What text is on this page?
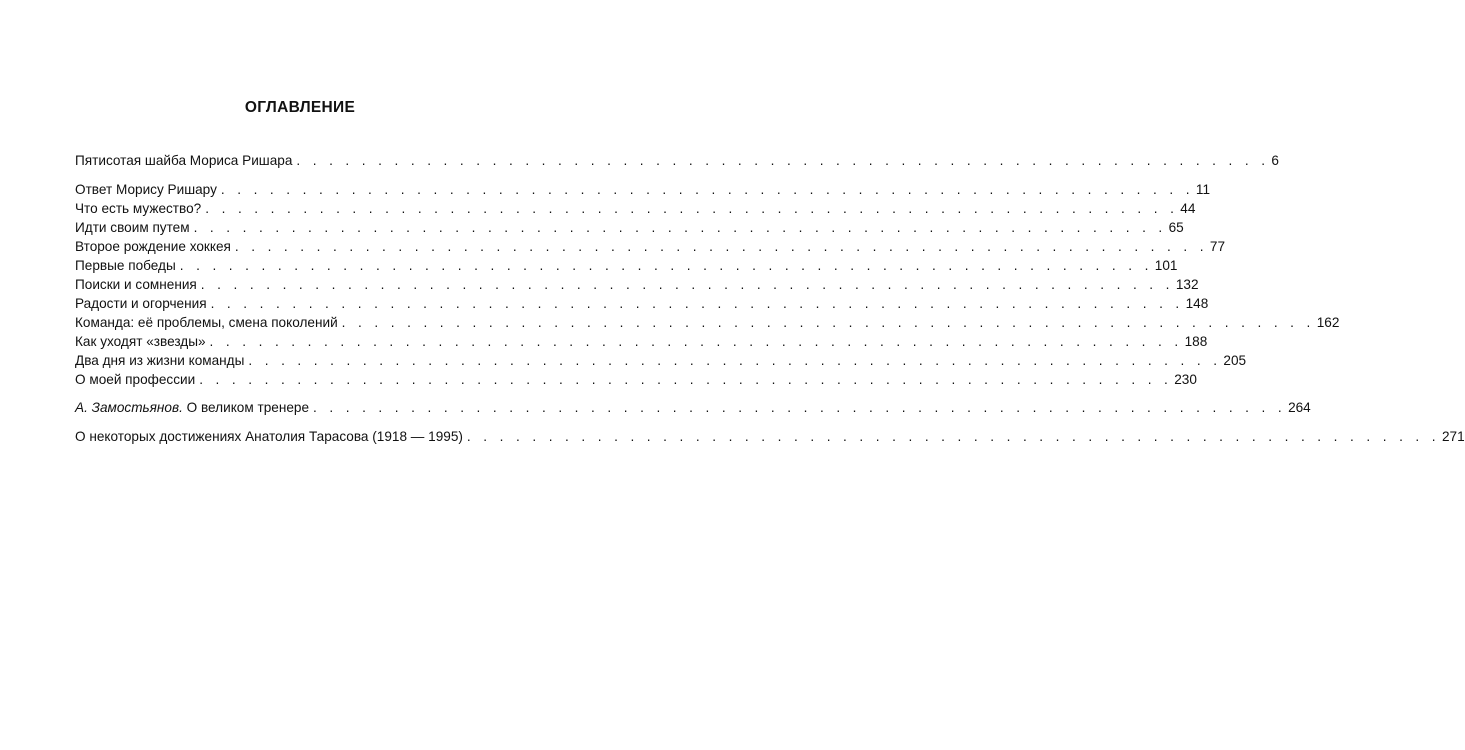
ОГЛАВЛЕНИЕ
Пятисотая шайба Мориса Ришара . . . . . . . . . . . . . . . . . . . . . . . . . . . . . . . . . . . . . . . . . . . . . . . . . . . . . . . . . . . . 6
Ответ Морису Ришару . . . . . . . . . . . . . . . . . . . . . . . . . . . . . . . . . . . . . . . . . . . . . . . . . . . . . . . . . . . . 11
Что есть мужество? . . . . . . . . . . . . . . . . . . . . . . . . . . . . . . . . . . . . . . . . . . . . . . . . . . . . . . . . . . . . 44
Идти своим путем . . . . . . . . . . . . . . . . . . . . . . . . . . . . . . . . . . . . . . . . . . . . . . . . . . . . . . . . . . . . 65
Второе рождение хоккея . . . . . . . . . . . . . . . . . . . . . . . . . . . . . . . . . . . . . . . . . . . . . . . . . . . . . . . . . . . . 77
Первые победы . . . . . . . . . . . . . . . . . . . . . . . . . . . . . . . . . . . . . . . . . . . . . . . . . . . . . . . . . . . . 101
Поиски и сомнения . . . . . . . . . . . . . . . . . . . . . . . . . . . . . . . . . . . . . . . . . . . . . . . . . . . . . . . . . . . . 132
Радости и огорчения . . . . . . . . . . . . . . . . . . . . . . . . . . . . . . . . . . . . . . . . . . . . . . . . . . . . . . . . . . . . 148
Команда: её проблемы, смена поколений . . . . . . . . . . . . . . . . . . . . . . . . . . . . . . . . . . . . . . . . . . . . . . . . . . . . . . . . . . . . 162
Как уходят «звезды» . . . . . . . . . . . . . . . . . . . . . . . . . . . . . . . . . . . . . . . . . . . . . . . . . . . . . . . . . . . . 188
Два дня из жизни команды . . . . . . . . . . . . . . . . . . . . . . . . . . . . . . . . . . . . . . . . . . . . . . . . . . . . . . . . . . . . 205
О моей профессии . . . . . . . . . . . . . . . . . . . . . . . . . . . . . . . . . . . . . . . . . . . . . . . . . . . . . . . . . . . . 230
А. Замостьянов. О великом тренере . . . . . . . . . . . . . . . . . . . . . . . . . . . . . . . . . . . . . . . . . . . . . . . . . . . . . . . . . . . . 264
О некоторых достижениях Анатолия Тарасова (1918 — 1995) . . . . . . . . . . . . . . . . . . . . . . . . . . . . . . . . . . . . . . . . . . . . . . . . . . . . . . . . . . . . 271
